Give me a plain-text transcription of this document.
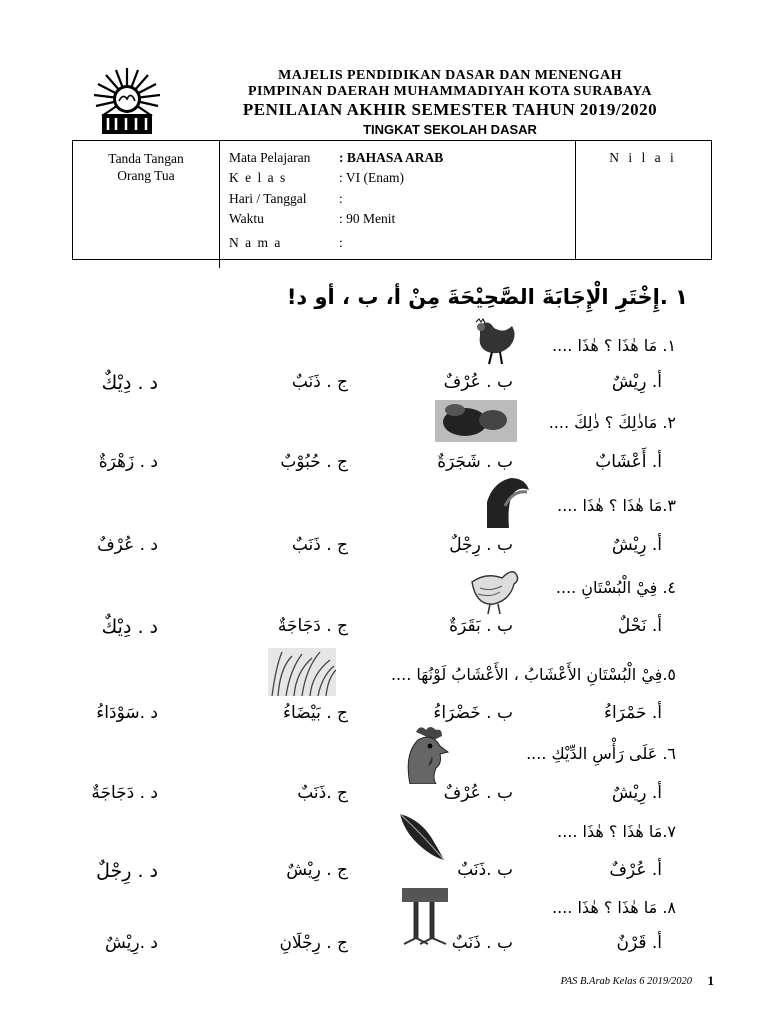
MAJELIS PENDIDIKAN DASAR DAN MENENGAH
PIMPINAN DAERAH MUHAMMADIYAH KOTA SURABAYA
PENILAIAN AKHIR SEMESTER TAHUN 2019/2020
TINGKAT SEKOLAH DASAR
Tanda Tangan Orang Tua
Mata Pelajaran	: BAHASA ARAB
K e l a s	: VI (Enam)
Hari / Tanggal	:
Waktu	: 90 Menit
N a m a	:
N i l a i
١ .إِخْتَرِ الْإِجَابَةَ الصَّحِيْحَةَ مِنْ أ، ب ، أو د!
١. مَا هٰذَا ؟ هٰذَا ....
أ. رِيْشٌ
ب . عُرْفٌ
ج . ذَنَبٌ
د . دِيْكٌ
٢. مَاذٰلِكَ ؟ ذٰلِكَ ....
أ. أَعْشَابٌ
ب . شَجَرَةٌ
ج . حُبُوْبٌ
د . زَهْرَةٌ
٣.مَا هٰذَا ؟ هٰذَا ....
أ. رِيْشٌ
ب . رِجْلٌ
ج . ذَنَبٌ
د . عُرْفٌ
٤. فِيْ الْبُسْتَانِ ....
أ. نَحْلٌ
ب . بَقَرَةٌ
ج . دَجَاجَةٌ
د . دِيْكٌ
٥.فِيْ الْبُسْتَانِ الأَعْشَابُ ، الأَعْشَابُ لَوْنُهَا ....
أ. حَمْرَاءُ
ب . خَضْرَاءُ
ج . بَيْضَاءُ
د .سَوْدَاءُ
٦. عَلَى رَأْسِ الدِّيْكِ ....
أ. رِيْشٌ
ب . عُرْفٌ
ج .ذَنَبٌ
د . دَجَاجَةٌ
٧.مَا هٰذَا ؟ هٰذَا ....
أ. عُرْفٌ
ب .ذَنَبٌ
ج . رِيْشٌ
د . رِجْلٌ
٨. مَا هٰذَا ؟ هٰذَا ....
أ. قَرْنٌ
ب . ذَنَبٌ
ج . رِجْلَانِ
د .رِيْشٌ
PAS B.Arab Kelas 6 2019/2020 1
